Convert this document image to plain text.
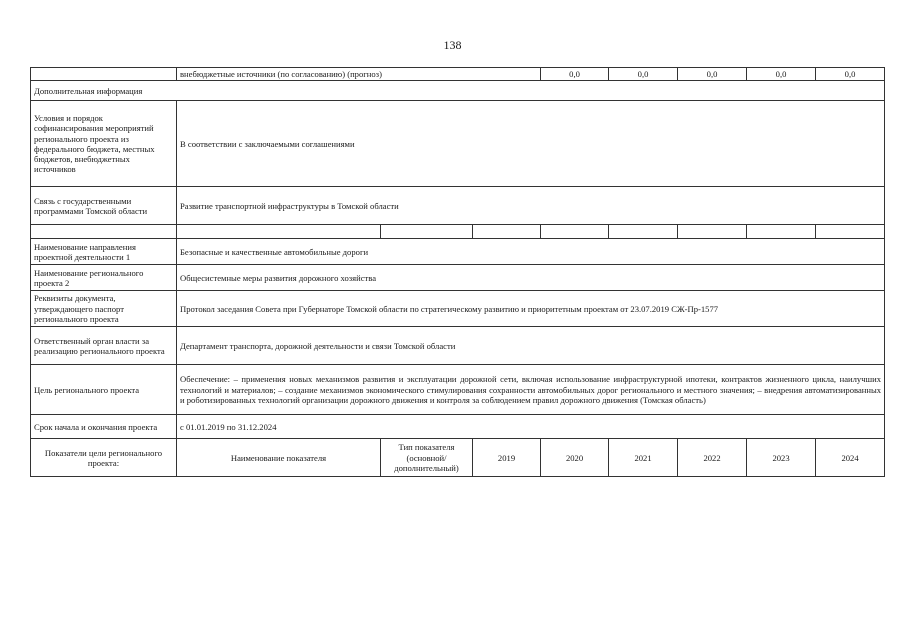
138
	внебюджетные источники (по согласованию) (прогноз)			0,0	0,0	0,0	0,0	0,0
Дополнительная информация								
Условия и порядок софинансирования мероприятий регионального проекта из федерального бюджета, местных бюджетов, внебюджетных источников	В соответствии с заключаемыми соглашениями							
Связь с государственными программами Томской области	Развитие транспортной инфраструктуры в Томской области							

Наименование направления проектной деятельности 1	Безопасные и качественные автомобильные дороги							
Наименование регионального проекта 2	Общесистемные меры развития дорожного хозяйства							
Реквизиты документа, утверждающего паспорт регионального проекта	Протокол заседания Совета при Губернаторе Томской области по стратегическому развитию и приоритетным проектам от 23.07.2019 СЖ-Пр-1577							
Ответственный орган власти за реализацию регионального проекта	Департамент транспорта, дорожной деятельности и связи Томской области							
Цель регионального проекта	Обеспечение: – применения новых механизмов развития и эксплуатации дорожной сети, включая использование инфраструктурной ипотеки, контрактов жизненного цикла, наилучших технологий и материалов; – создание механизмов экономического стимулирования сохранности автомобильных дорог регионального и местного значения; – внедрения автоматизированных и роботизированных технологий организации дорожного движения и контроля за соблюдением правил дорожного движения (Томская область)							
Срок начала и окончания проекта	с 01.01.2019 по 31.12.2024							
Показатели цели регионального проекта:	Наименование показателя	Тип показателя (основной/дополнительный)	2019	2020	2021	2022	2023	2024
